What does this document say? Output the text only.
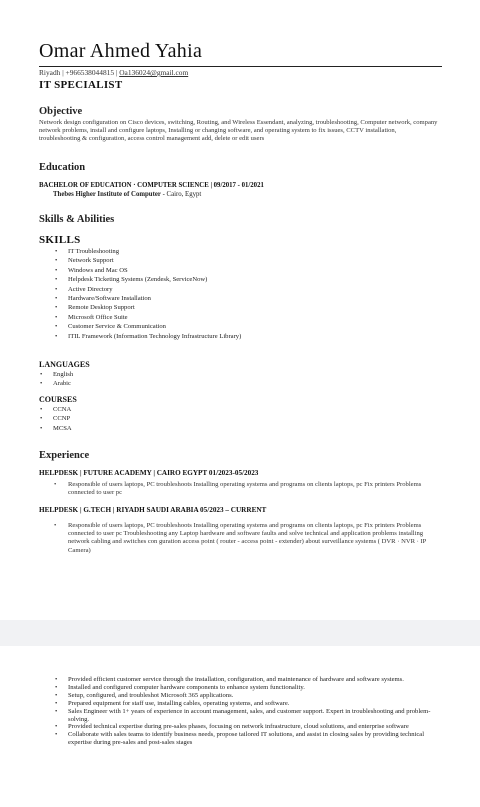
Omar Ahmed Yahia
Riyadh | +966538044815 | Oa136024@gmail.com
IT SPECIALIST
Objective
Network design configuration on Cisco devices, switching, Routing, and Wireless Essendant, analyzing, troubleshooting, Computer network, company network problems, install and configure laptops, Installing or changing software, and operating system to fix issues, CCTV installation, troubleshooting & configuration, access control management add, delete or edit users
Education
BACHELOR OF EDUCATION · COMPUTER SCIENCE | 09/2017 - 01/2021
Thebes Higher Institute of Computer - Cairo, Egypt
Skills & Abilities
SKILLS
• IT Troubleshooting
• Network Support
• Windows and Mac OS
• Helpdesk Ticketing Systems (Zendesk, ServiceNow)
• Active Directory
• Hardware/Software Installation
• Remote Desktop Support
• Microsoft Office Suite
• Customer Service & Communication
• ITIL Framework (Information Technology Infrastructure Library)
LANGUAGES
• English
• Arabic
COURSES
• CCNA
• CCNP
• MCSA
Experience
HELPDESK | FUTURE ACADEMY | CAIRO EGYPT 01/2023-05/2023
• Responsible of users laptops, PC troubleshoots Installing operating systems and programs on clients laptops, pc Fix printers Problems connected to user pc
HELPDESK | G.TECH | RIYADH SAUDI ARABIA 05/2023 – CURRENT
• Responsible of users laptops, PC troubleshoots Installing operating systems and programs on clients laptops, pc Fix printers Problems connected to user pc Troubleshooting any Laptop hardware and software faults and solve technical and application problems installing network cabling and switches con guration access point ( router - access point - extender) about surveillance systems ( DVR · NVR · IP Camera)
• Provided efficient customer service through the installation, configuration, and maintenance of hardware and software systems.
• Installed and configured computer hardware components to enhance system functionality.
• Setup, configured, and troubleshot Microsoft 365 applications.
• Prepared equipment for staff use, installing cables, operating systems, and software.
• Sales Engineer with 1+ years of experience in account management, sales, and customer support. Expert in troubleshooting and problem-solving.
• Provided technical expertise during pre-sales phases, focusing on network infrastructure, cloud solutions, and enterprise software
• Collaborate with sales teams to identify business needs, propose tailored IT solutions, and assist in closing sales by providing technical expertise during pre-sales and post-sales stages
